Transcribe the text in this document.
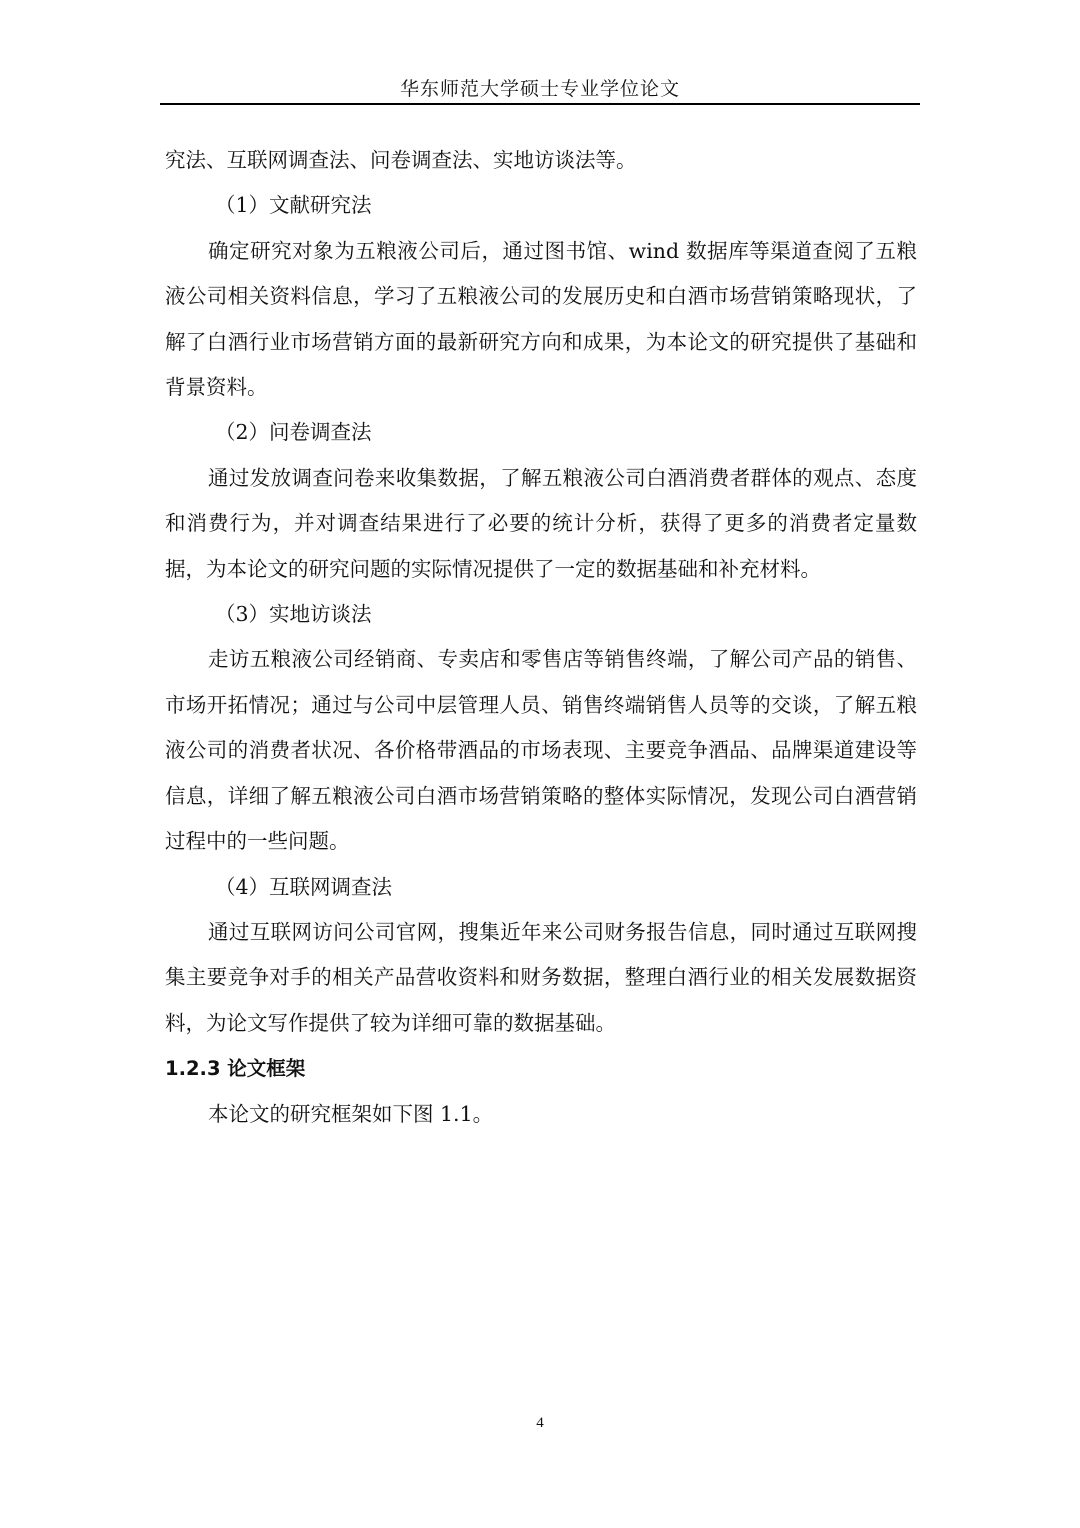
华东师范大学硕士专业学位论文

究法、互联网调查法、问卷调查法、实地访谈法等。

（1）文献研究法

确定研究对象为五粮液公司后，通过图书馆、wind 数据库等渠道查阅了五粮液公司相关资料信息，学习了五粮液公司的发展历史和白酒市场营销策略现状，了解了白酒行业市场营销方面的最新研究方向和成果，为本论文的研究提供了基础和背景资料。

（2）问卷调查法

通过发放调查问卷来收集数据，了解五粮液公司白酒消费者群体的观点、态度和消费行为，并对调查结果进行了必要的统计分析，获得了更多的消费者定量数据，为本论文的研究问题的实际情况提供了一定的数据基础和补充材料。

（3）实地访谈法

走访五粮液公司经销商、专卖店和零售店等销售终端，了解公司产品的销售、市场开拓情况；通过与公司中层管理人员、销售终端销售人员等的交谈，了解五粮液公司的消费者状况、各价格带酒品的市场表现、主要竞争酒品、品牌渠道建设等信息，详细了解五粮液公司白酒市场营销策略的整体实际情况，发现公司白酒营销过程中的一些问题。

（4）互联网调查法

通过互联网访问公司官网，搜集近年来公司财务报告信息，同时通过互联网搜集主要竞争对手的相关产品营收资料和财务数据，整理白酒行业的相关发展数据资料，为论文写作提供了较为详细可靠的数据基础。

1.2.3 论文框架

本论文的研究框架如下图 1.1。

4
